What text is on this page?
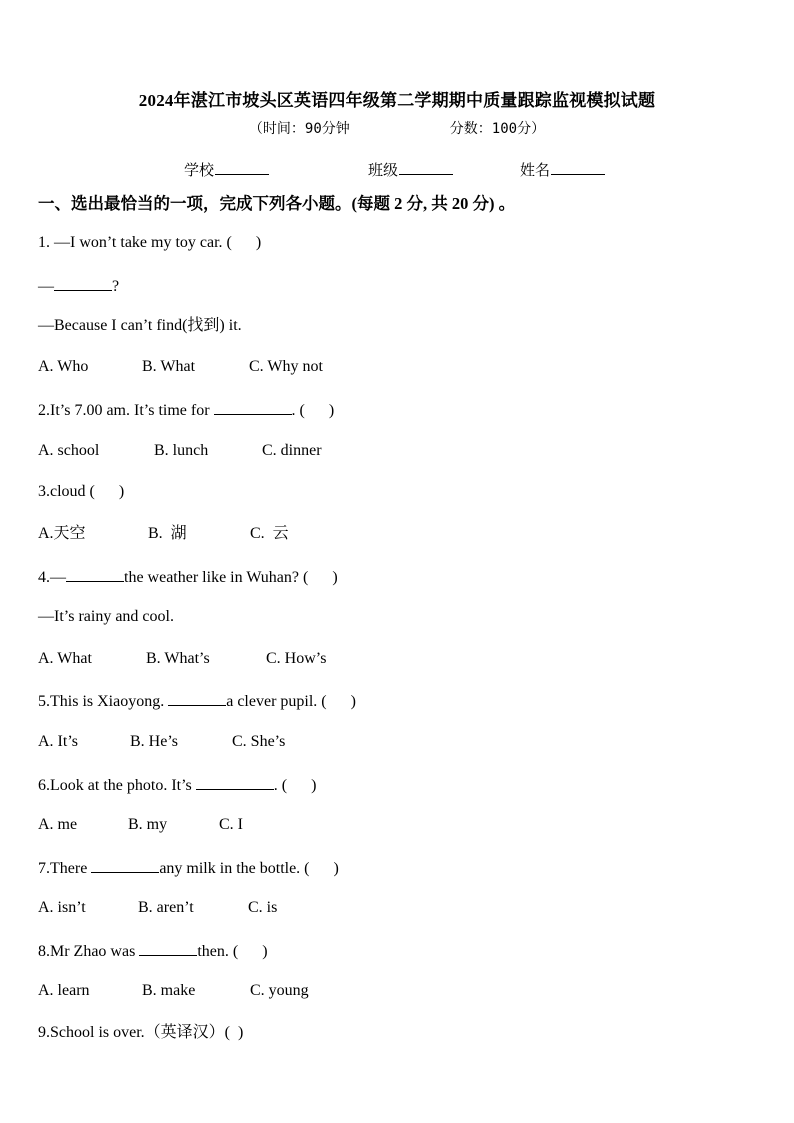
2024年湛江市坡头区英语四年级第二学期期中质量跟踪监视模拟试题
（时间：90分钟	分数：100分）
学校	班级	姓名
一、选出最恰当的一项，完成下列各小题。(每题 2 分, 共 20 分) 。
1. —I won’t take my toy car. (      )
—	?
—Because I can’t find(找到) it.

A. Who

	B. What

	C. Why not

2.It’s 7.00 am. It’s time for	. (      )

A. school

	B. lunch

	C. dinner

3.cloud (      )

A.天空

	B.  湖

	C.  云

4.—	the weather like in Wuhan? (      )
—It’s rainy and cool.

A. What

	B. What’s

	C. How’s

5.This is Xiaoyong.	a clever pupil. (      )

A. It’s

	B. He’s

	C. She’s

6.Look at the photo. It’s	. (      )

A. me

	B. my

	C. I

7.There	any milk in the bottle. (      )

A. isn’t

	B. aren’t

	C. is

8.Mr Zhao was	then. (      )

A. learn

	B. make

	C. young

9.School is over.（英译汉）(  )
